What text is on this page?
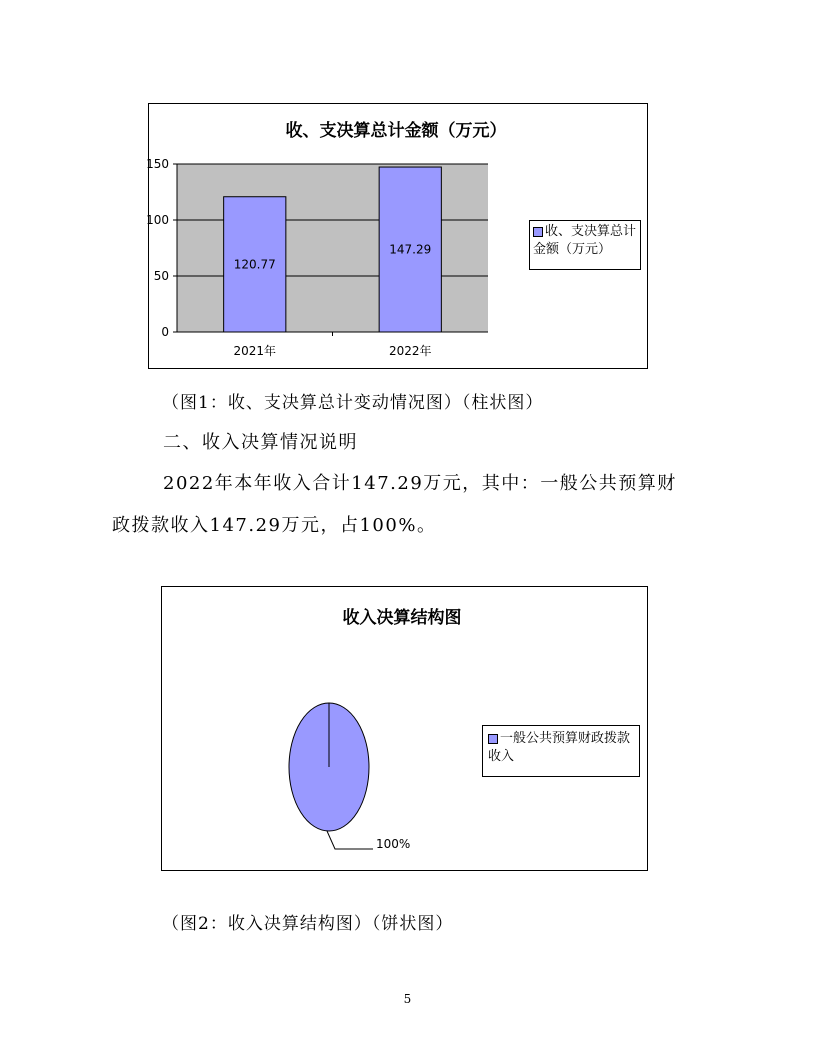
收、支决算总计金额（万元）
120.77
147.29
0
50
100
150
2021年	2022年
收、支决算总计金额（万元）
（图1：收、支决算总计变动情况图）（柱状图）
二、收入决算情况说明
2022年本年收入合计147.29万元，其中：一般公共预算财
政拨款收入147.29万元，占100%。
收入决算结构图
100%
一般公共预算财政拨款收入
（图2：收入决算结构图）（饼状图）
5
